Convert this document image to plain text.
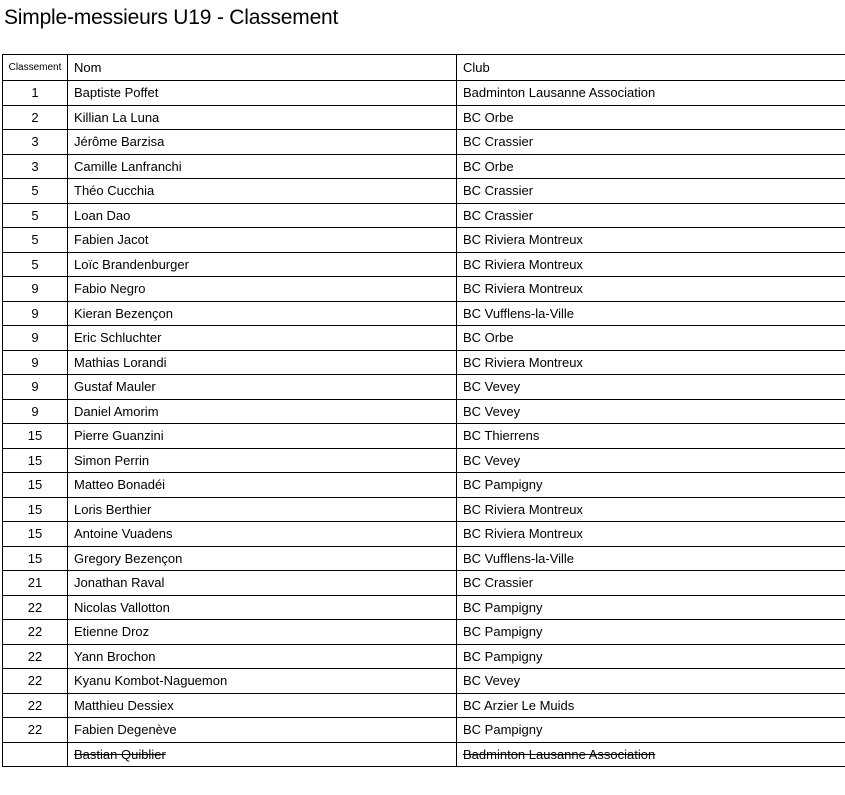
Simple-messieurs U19 - Classement
Classement	Nom	Club
1	Baptiste Poffet	Badminton Lausanne Association
2	Killian La Luna	BC Orbe
3	Jérôme Barzisa	BC Crassier
3	Camille Lanfranchi	BC Orbe
5	Théo Cucchia	BC Crassier
5	Loan Dao	BC Crassier
5	Fabien Jacot	BC Riviera Montreux
5	Loïc Brandenburger	BC Riviera Montreux
9	Fabio Negro	BC Riviera Montreux
9	Kieran Bezençon	BC Vufflens-la-Ville
9	Eric Schluchter	BC Orbe
9	Mathias Lorandi	BC Riviera Montreux
9	Gustaf Mauler	BC Vevey
9	Daniel Amorim	BC Vevey
15	Pierre Guanzini	BC Thierrens
15	Simon Perrin	BC Vevey
15	Matteo Bonadéi	BC Pampigny
15	Loris Berthier	BC Riviera Montreux
15	Antoine Vuadens	BC Riviera Montreux
15	Gregory Bezençon	BC Vufflens-la-Ville
21	Jonathan Raval	BC Crassier
22	Nicolas Vallotton	BC Pampigny
22	Etienne Droz	BC Pampigny
22	Yann Brochon	BC Pampigny
22	Kyanu Kombot-Naguemon	BC Vevey
22	Matthieu Dessiex	BC Arzier Le Muids
22	Fabien Degenève	BC Pampigny
	Bastian Quiblier	Badminton Lausanne Association
